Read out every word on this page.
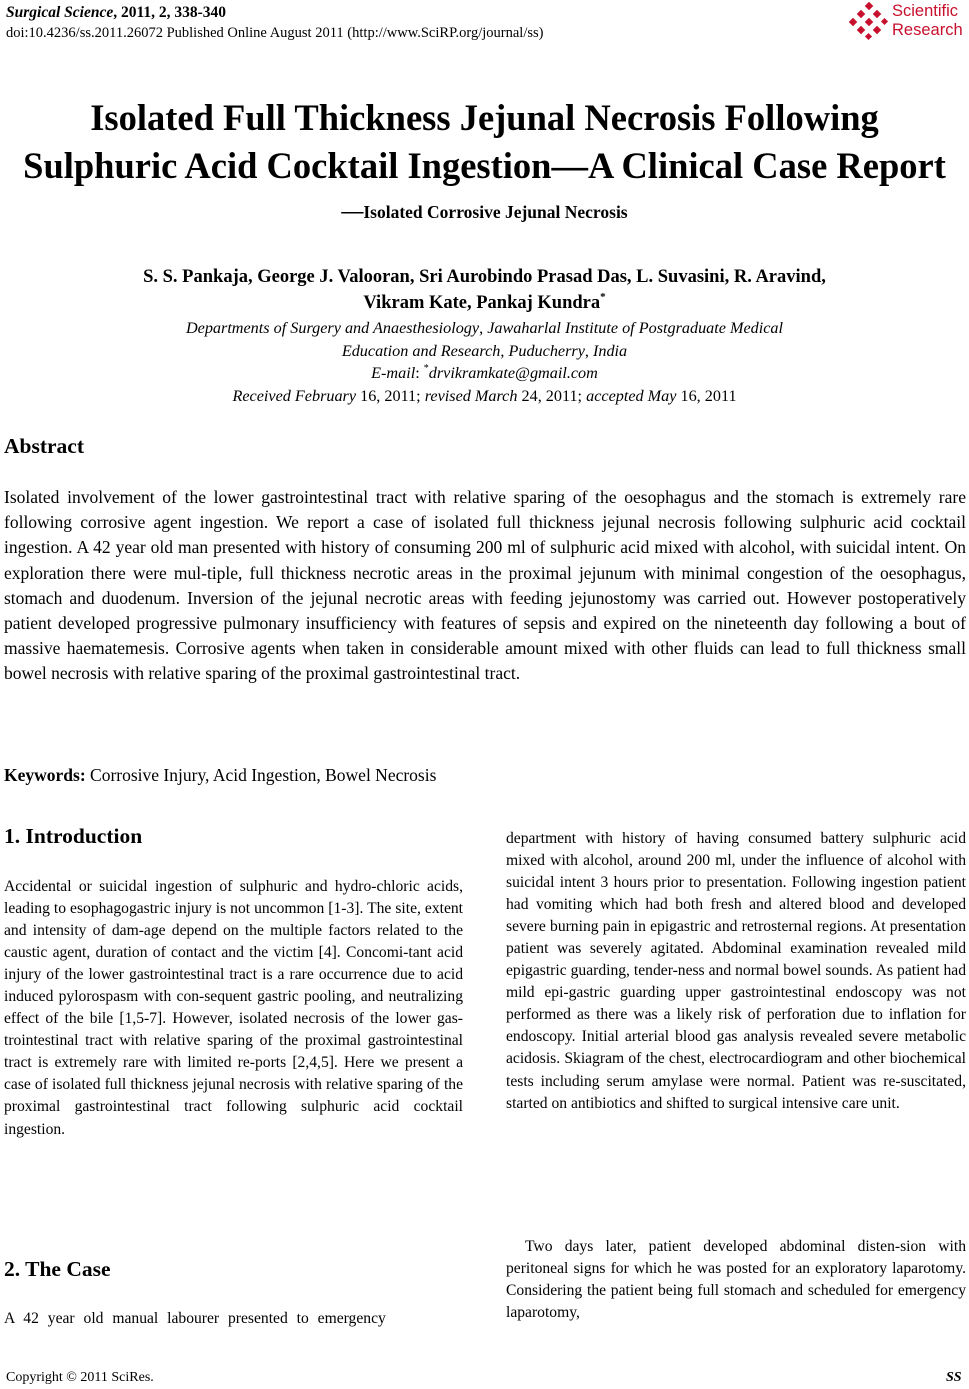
Surgical Science, 2011, 2, 338-340
doi:10.4236/ss.2011.26072 Published Online August 2011 (http://www.SciRP.org/journal/ss)
Scientific
Research
Isolated Full Thickness Jejunal Necrosis Following
Sulphuric Acid Cocktail Ingestion—A Clinical Case Report
—Isolated Corrosive Jejunal Necrosis
S. S. Pankaja, George J. Valooran, Sri Aurobindo Prasad Das, L. Suvasini, R. Aravind,
Vikram Kate, Pankaj Kundra*
Departments of Surgery and Anaesthesiology, Jawaharlal Institute of Postgraduate Medical
Education and Research, Puducherry, India
E-mail: *drvikramkate@gmail.com
Received February 16, 2011; revised March 24, 2011; accepted May 16, 2011
Abstract
Isolated involvement of the lower gastrointestinal tract with relative sparing of the oesophagus and the stomach is extremely rare following corrosive agent ingestion. We report a case of isolated full thickness jejunal necrosis following sulphuric acid cocktail ingestion. A 42 year old man presented with history of consuming 200 ml of sulphuric acid mixed with alcohol, with suicidal intent. On exploration there were mul-tiple, full thickness necrotic areas in the proximal jejunum with minimal congestion of the oesophagus, stomach and duodenum. Inversion of the jejunal necrotic areas with feeding jejunostomy was carried out. However postoperatively patient developed progressive pulmonary insufficiency with features of sepsis and expired on the nineteenth day following a bout of massive haematemesis. Corrosive agents when taken in considerable amount mixed with other fluids can lead to full thickness small bowel necrosis with relative sparing of the proximal gastrointestinal tract.
Keywords: Corrosive Injury, Acid Ingestion, Bowel Necrosis
1. Introduction
Accidental or suicidal ingestion of sulphuric and hydro-chloric acids, leading to esophagogastric injury is not uncommon [1-3]. The site, extent and intensity of dam-age depend on the multiple factors related to the caustic agent, duration of contact and the victim [4]. Concomi-tant acid injury of the lower gastrointestinal tract is a rare occurrence due to acid induced pylorospasm with con-sequent gastric pooling, and neutralizing effect of the bile [1,5-7]. However, isolated necrosis of the lower gas-trointestinal tract with relative sparing of the proximal gastrointestinal tract is extremely rare with limited re-ports [2,4,5]. Here we present a case of isolated full thickness jejunal necrosis with relative sparing of the proximal gastrointestinal tract following sulphuric acid cocktail ingestion.
2. The Case
A 42 year old manual labourer presented to emergency
department with history of having consumed battery sulphuric acid mixed with alcohol, around 200 ml, under the influence of alcohol with suicidal intent 3 hours prior to presentation. Following ingestion patient had vomiting which had both fresh and altered blood and developed severe burning pain in epigastric and retrosternal regions. At presentation patient was severely agitated. Abdominal examination revealed mild epigastric guarding, tender-ness and normal bowel sounds. As patient had mild epi-gastric guarding upper gastrointestinal endoscopy was not performed as there was a likely risk of perforation due to inflation for endoscopy. Initial arterial blood gas analysis revealed severe metabolic acidosis. Skiagram of the chest, electrocardiogram and other biochemical tests including serum amylase were normal. Patient was re-suscitated, started on antibiotics and shifted to surgical intensive care unit.
Two days later, patient developed abdominal disten-sion with peritoneal signs for which he was posted for an exploratory laparotomy. Considering the patient being full stomach and scheduled for emergency laparotomy,
Copyright © 2011 SciRes.	SS
